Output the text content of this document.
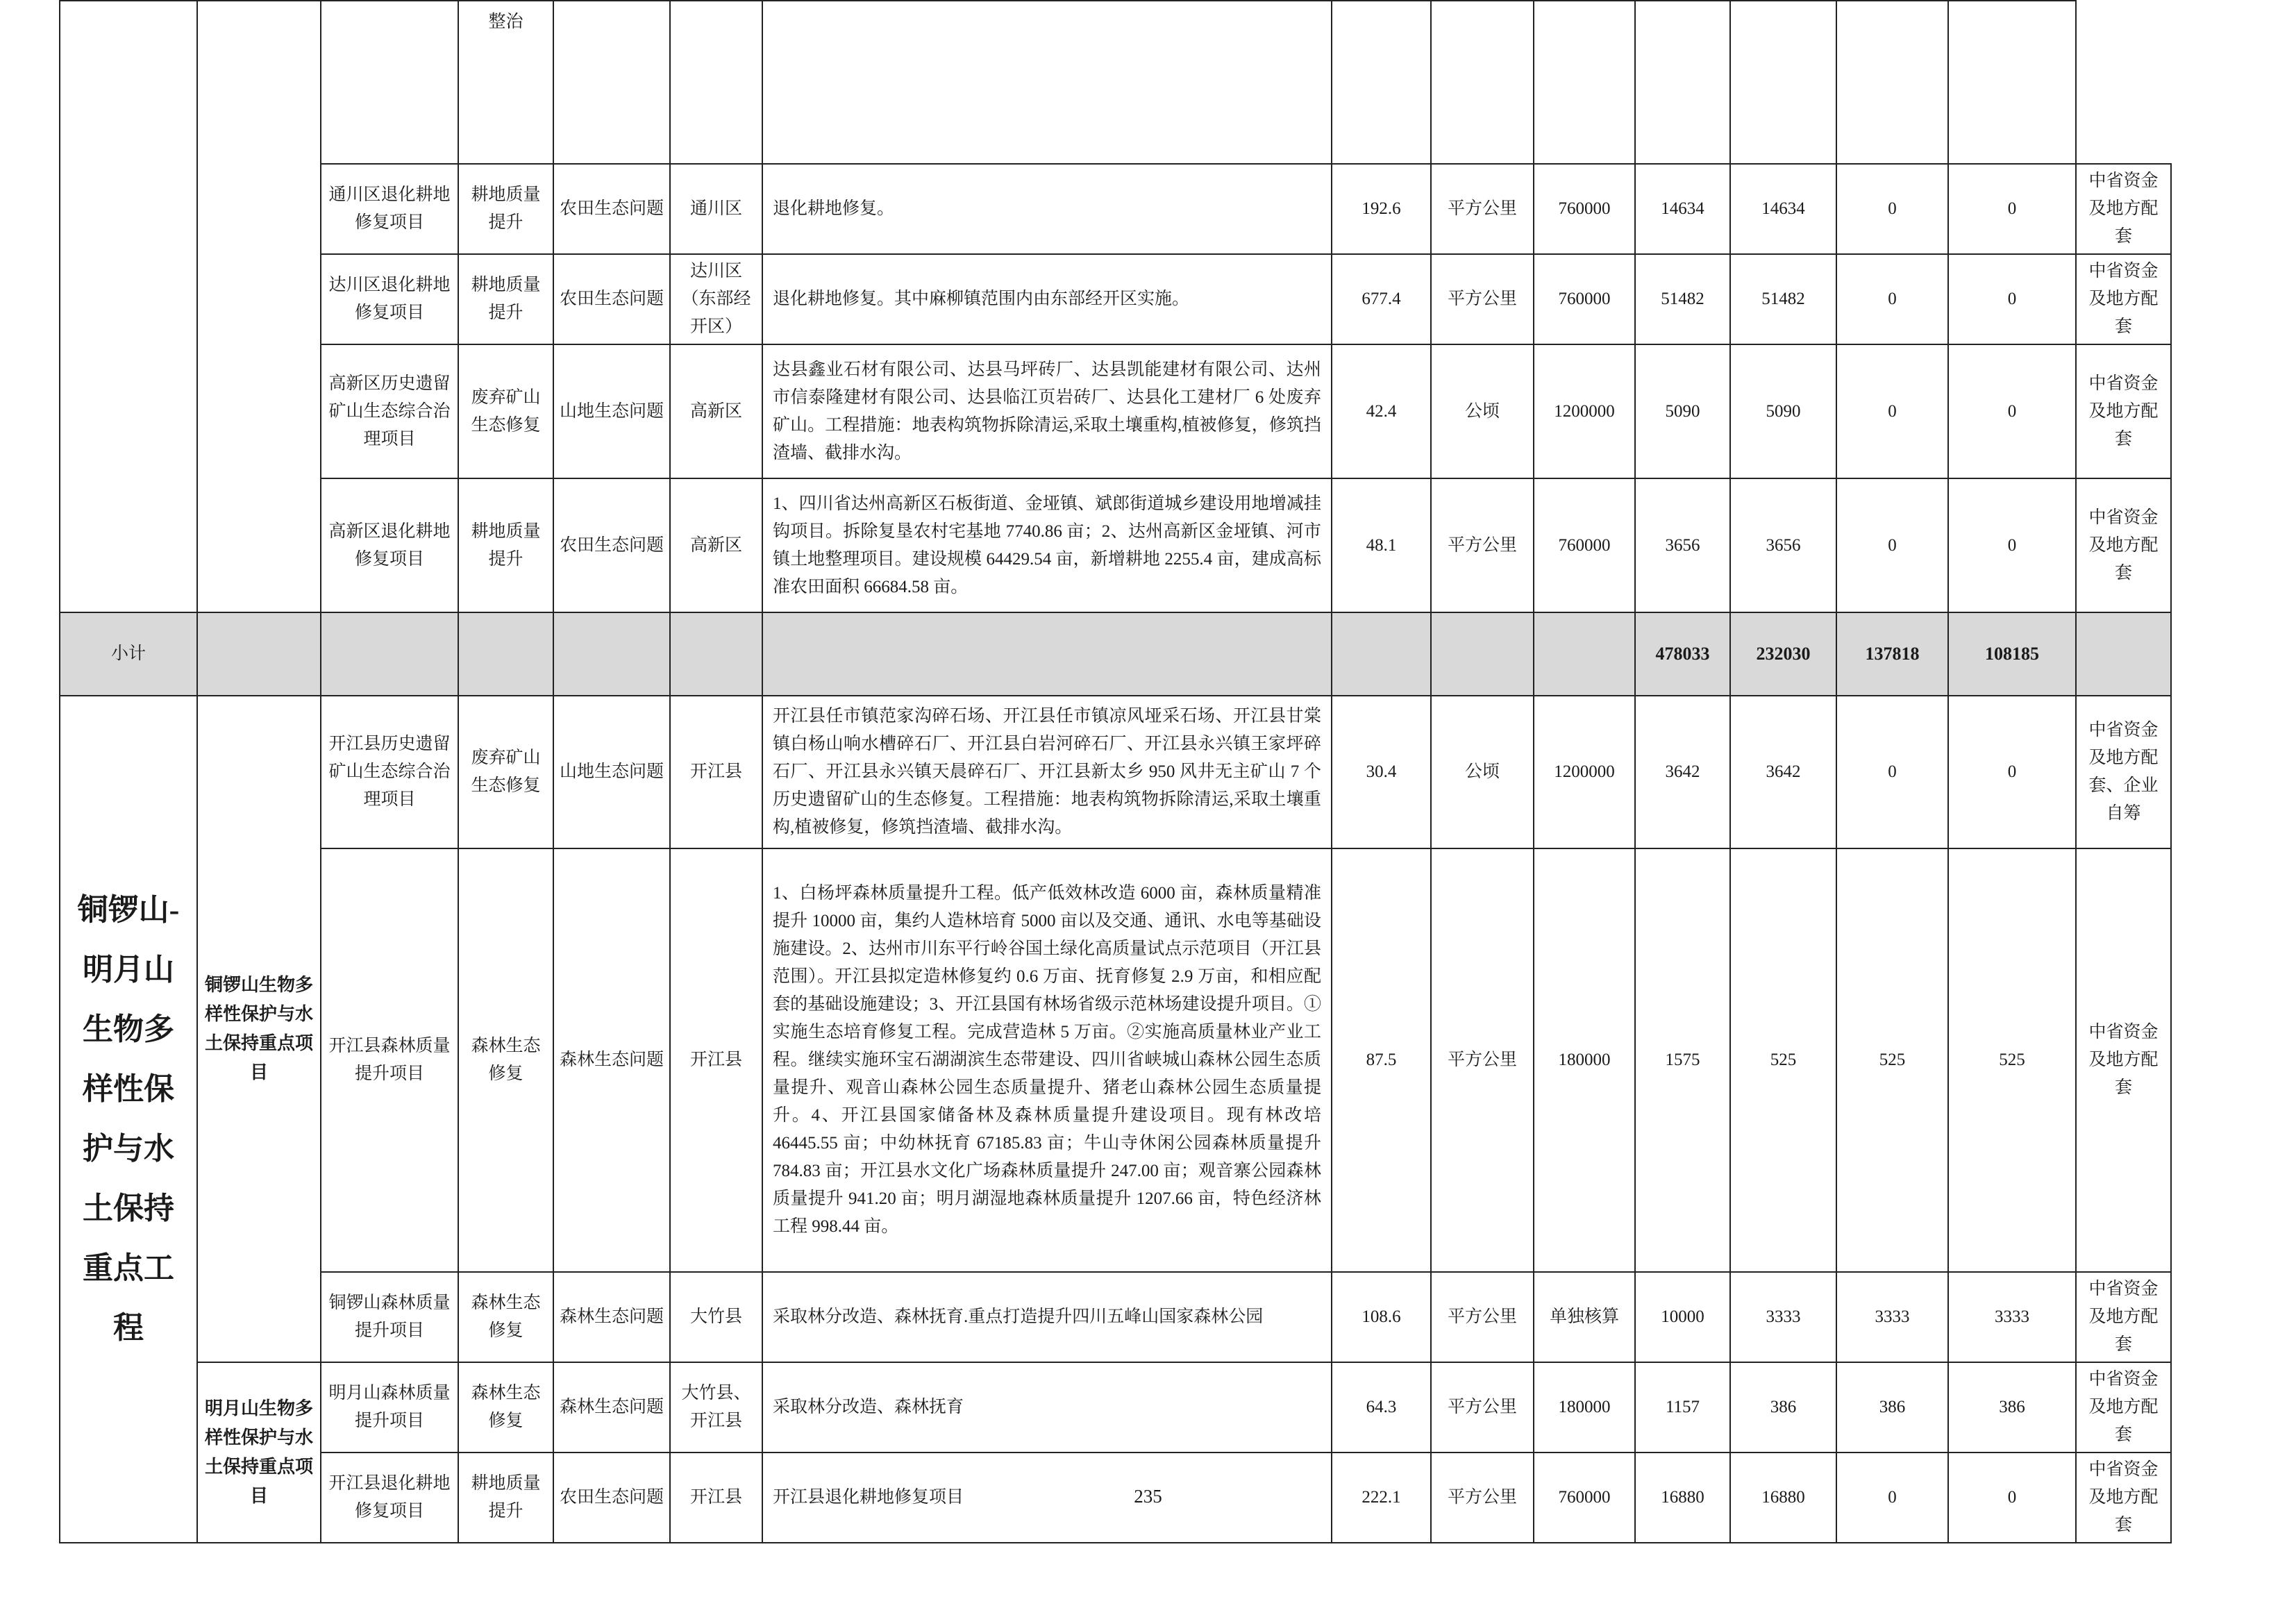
			整治											
		通川区退化耕地修复项目	耕地质量提升	农田生态问题	通川区	退化耕地修复。	192.6	平方公里	760000	14634	14634	0	0	中省资金及地方配套
		达川区退化耕地修复项目	耕地质量提升	农田生态问题	达川区（东部经开区）	退化耕地修复。其中麻柳镇范围内由东部经开区实施。	677.4	平方公里	760000	51482	51482	0	0	中省资金及地方配套
		高新区历史遗留矿山生态综合治理项目	废弃矿山生态修复	山地生态问题	高新区	达县鑫业石材有限公司、达县马坪砖厂、达县凯能建材有限公司、达州市信泰隆建材有限公司、达县临江页岩砖厂、达县化工建材厂 6 处废弃矿山。工程措施：地表构筑物拆除清运,采取土壤重构,植被修复，修筑挡渣墙、截排水沟。	42.4	公顷	1200000	5090	5090	0	0	中省资金及地方配套
		高新区退化耕地修复项目	耕地质量提升	农田生态问题	高新区	1、四川省达州高新区石板街道、金垭镇、斌郎街道城乡建设用地增减挂钩项目。拆除复垦农村宅基地 7740.86 亩；2、达州高新区金垭镇、河市镇土地整理项目。建设规模 64429.54 亩，新增耕地 2255.4 亩，建成高标准农田面积 66684.58 亩。	48.1	平方公里	760000	3656	3656	0	0	中省资金及地方配套
小计										478033	232030	137818	108185	
铜锣山-明月山生物多样性保护与水土保持重点工程	铜锣山生物多样性保护与水土保持重点项目	开江县历史遗留矿山生态综合治理项目	废弃矿山生态修复	山地生态问题	开江县	开江县任市镇范家沟碎石场、开江县任市镇凉风垭采石场、开江县甘棠镇白杨山响水槽碎石厂、开江县白岩河碎石厂、开江县永兴镇王家坪碎石厂、开江县永兴镇天晨碎石厂、开江县新太乡 950 风井无主矿山 7 个历史遗留矿山的生态修复。工程措施：地表构筑物拆除清运,采取土壤重构,植被修复，修筑挡渣墙、截排水沟。	30.4	公顷	1200000	3642	3642	0	0	中省资金及地方配套、企业自筹
		开江县森林质量提升项目	森林生态修复	森林生态问题	开江县	1、白杨坪森林质量提升工程。低产低效林改造 6000 亩，森林质量精准提升 10000 亩，集约人造林培育 5000 亩以及交通、通讯、水电等基础设施建设。2、达州市川东平行岭谷国土绿化高质量试点示范项目（开江县范围）。开江县拟定造林修复约 0.6 万亩、抚育修复 2.9 万亩，和相应配套的基础设施建设；3、开江县国有林场省级示范林场建设提升项目。①实施生态培育修复工程。完成营造林 5 万亩。②实施高质量林业产业工程。继续实施环宝石湖湖滨生态带建设、四川省峡城山森林公园生态质量提升、观音山森林公园生态质量提升、猪老山森林公园生态质量提升。4、开江县国家储备林及森林质量提升建设项目。现有林改培 46445.55 亩；中幼林抚育 67185.83 亩；牛山寺休闲公园森林质量提升 784.83 亩；开江县水文化广场森林质量提升 247.00 亩；观音寨公园森林质量提升 941.20 亩；明月湖湿地森林质量提升 1207.66 亩，特色经济林工程 998.44 亩。	87.5	平方公里	180000	1575	525	525	525	中省资金及地方配套
		铜锣山森林质量提升项目	森林生态修复	森林生态问题	大竹县	采取林分改造、森林抚育.重点打造提升四川五峰山国家森林公园	108.6	平方公里	单独核算	10000	3333	3333	3333	中省资金及地方配套
	明月山生物多样性保护与水土保持重点项目	明月山森林质量提升项目	森林生态修复	森林生态问题	大竹县、开江县	采取林分改造、森林抚育	64.3	平方公里	180000	1157	386	386	386	中省资金及地方配套
		开江县退化耕地修复项目	耕地质量提升	农田生态问题	开江县	开江县退化耕地修复项目	222.1	平方公里	760000	16880	16880	0	0	中省资金及地方配套
235
